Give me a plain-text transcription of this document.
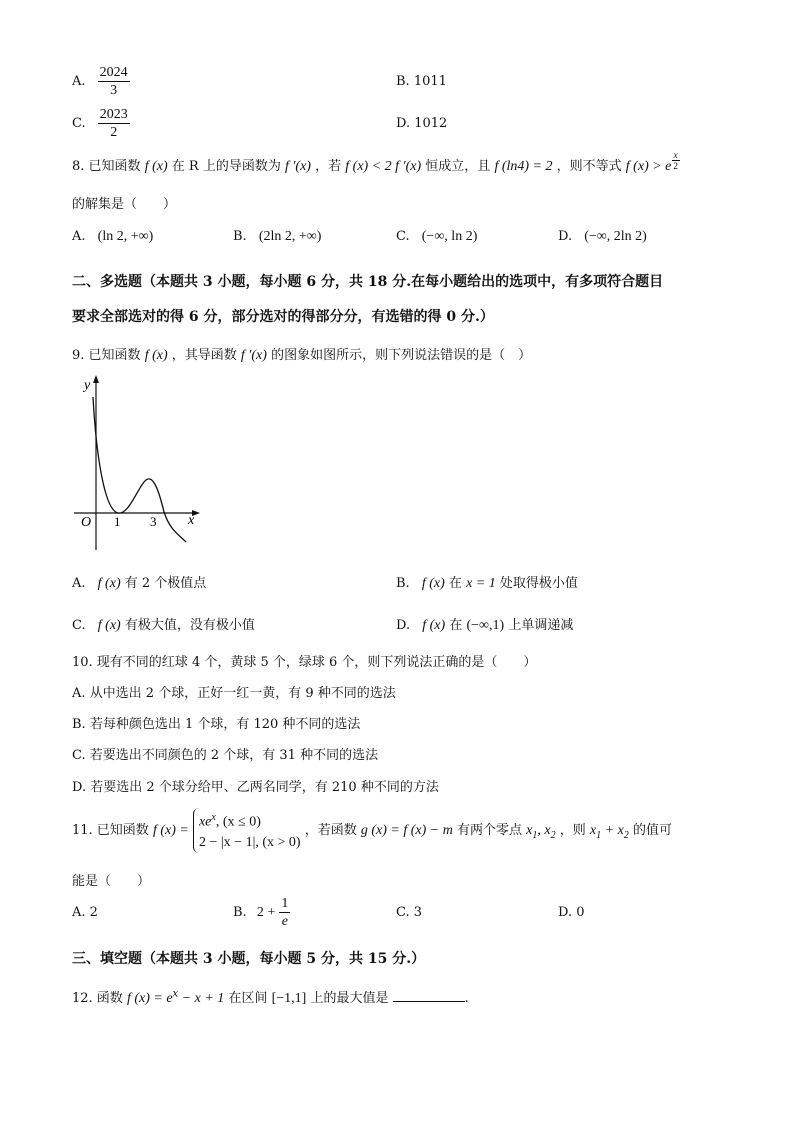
A. $\frac{2024}{3}$	B. 1011
C. $\frac{2023}{2}$	D. 1012
8. 已知函数 f (x) 在 R 上的导函数为 f ′(x) ，若 f (x) < 2 f ′(x) 恒成立，且 f (ln4) = 2 ，则不等式 f (x) > e $\frac{x}{2}$
的解集是（　　）
A. (ln 2, +∞)	B. (2ln 2, +∞)	C. (−∞, ln 2)	D. (−∞, 2ln 2)
二、多选题（本题共 3 小题，每小题 6 分，共 18 分.在每小题给出的选项中，有多项符合题目
要求全部选对的得 6 分，部分选对的得部分分，有选错的得 0 分.）
9. 已知函数 f (x) ，其导函数 f ′(x) 的图象如图所示，则下列说法错误的是（　）
y
x
O 1 3
A. f (x) 有 2 个极值点	B. f (x) 在 x = 1 处取得极小值
C. f (x) 有极大值，没有极小值	D. f (x) 在 (−∞,1) 上单调递减
10. 现有不同的红球 4 个，黄球 5 个，绿球 6 个，则下列说法正确的是（　　）
A. 从中选出 2 个球，正好一红一黄，有 9 种不同的选法
B. 若每种颜色选出 1 个球，有 120 种不同的选法
C. 若要选出不同颜色的 2 个球，有 31 种不同的选法
D. 若要选出 2 个球分给甲、乙两名同学，有 210 种不同的方法
11. 已知函数 f $(x) = xe^x$, (x ≤ 0)
2 − |x − 1|, (x > 0) ，若函数 g (x) = f (x) − m 有两个零点 $x_1$, $x_2$ ，则 $x_1 + x_2$ 的值可
能是（　　）
A. 2	B. $2 + \frac{1}{e}$	C. 3	D. 0
三、填空题（本题共 3 小题，每小题 5 分，共 15 分.）
12. 函数 f $(x) = e^x - x + 1$ 在区间 [−1,1] 上的最大值是	.
